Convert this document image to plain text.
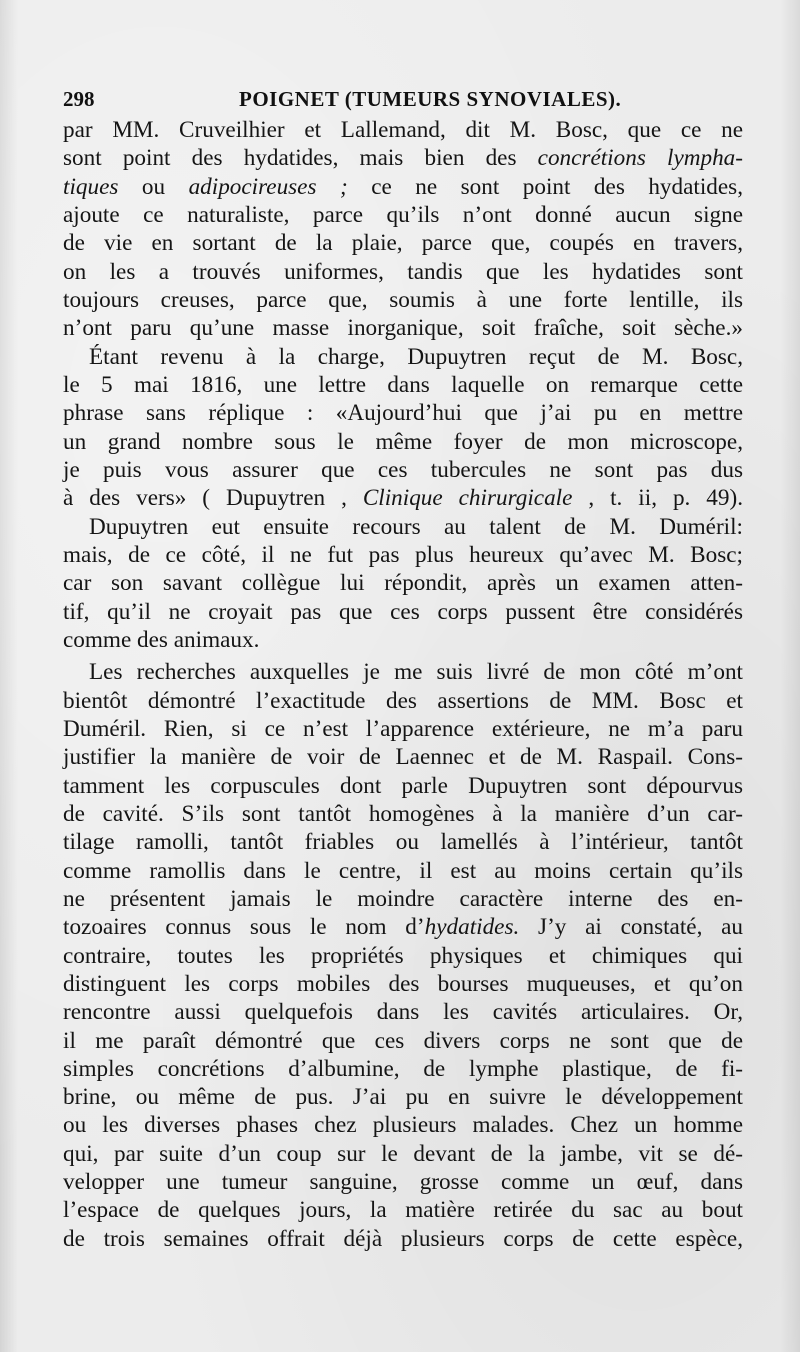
298	POIGNET (TUMEURS SYNOVIALES).
par MM. Cruveilhier et Lallemand, dit M. Bosc, que ce ne
sont point des hydatides, mais bien des concrétions lympha-
tiques ou adipocireuses ; ce ne sont point des hydatides,
ajoute ce naturaliste, parce qu’ils n’ont donné aucun signe
de vie en sortant de la plaie, parce que, coupés en travers,
on les a trouvés uniformes, tandis que les hydatides sont
toujours creuses, parce que, soumis à une forte lentille, ils
n’ont paru qu’une masse inorganique, soit fraîche, soit sèche.»
Étant revenu à la charge, Dupuytren reçut de M. Bosc,
le 5 mai 1816, une lettre dans laquelle on remarque cette
phrase sans réplique : «Aujourd’hui que j’ai pu en mettre
un grand nombre sous le même foyer de mon microscope,
je puis vous assurer que ces tubercules ne sont pas dus
à des vers» ( Dupuytren , Clinique chirurgicale , t. ii, p. 49).
Dupuytren eut ensuite recours au talent de M. Duméril:
mais, de ce côté, il ne fut pas plus heureux qu’avec M. Bosc;
car son savant collègue lui répondit, après un examen atten-
tif, qu’il ne croyait pas que ces corps pussent être considérés
comme des animaux.
Les recherches auxquelles je me suis livré de mon côté m’ont
bientôt démontré l’exactitude des assertions de MM. Bosc et
Duméril. Rien, si ce n’est l’apparence extérieure, ne m’a paru
justifier la manière de voir de Laennec et de M. Raspail. Cons-
tamment les corpuscules dont parle Dupuytren sont dépourvus
de cavité. S’ils sont tantôt homogènes à la manière d’un car-
tilage ramolli, tantôt friables ou lamellés à l’intérieur, tantôt
comme ramollis dans le centre, il est au moins certain qu’ils
ne présentent jamais le moindre caractère interne des en-
tozoaires connus sous le nom d’hydatides. J’y ai constaté, au
contraire, toutes les propriétés physiques et chimiques qui
distinguent les corps mobiles des bourses muqueuses, et qu’on
rencontre aussi quelquefois dans les cavités articulaires. Or,
il me paraît démontré que ces divers corps ne sont que de
simples concrétions d’albumine, de lymphe plastique, de fi-
brine, ou même de pus. J’ai pu en suivre le développement
ou les diverses phases chez plusieurs malades. Chez un homme
qui, par suite d’un coup sur le devant de la jambe, vit se dé-
velopper une tumeur sanguine, grosse comme un œuf, dans
l’espace de quelques jours, la matière retirée du sac au bout
de trois semaines offrait déjà plusieurs corps de cette espèce,
